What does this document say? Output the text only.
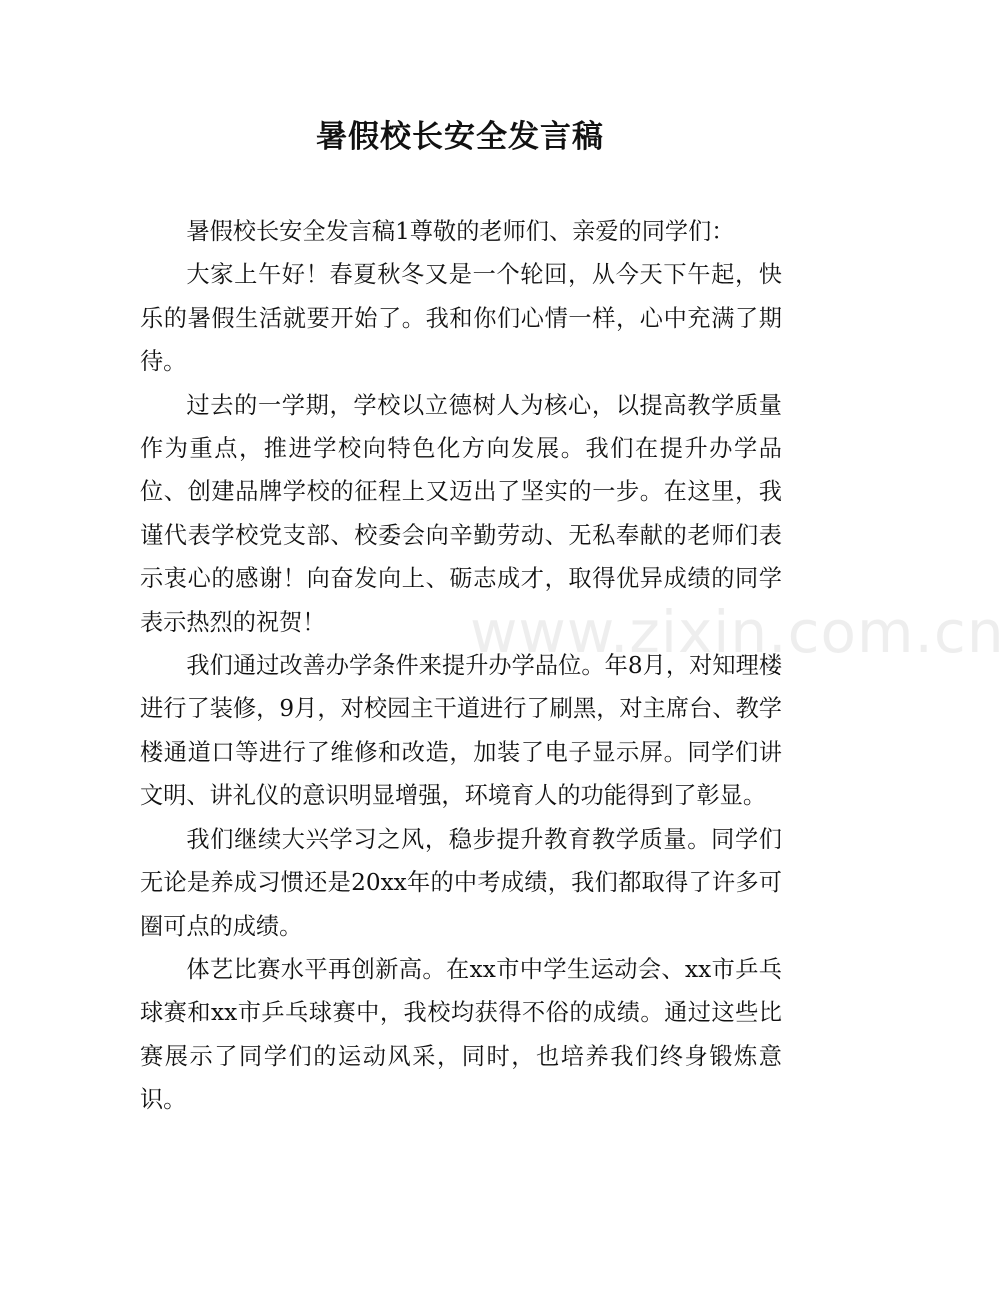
暑假校长安全发言稿

暑假校长安全发言稿1尊敬的老师们、亲爱的同学们：

大家上午好！春夏秋冬又是一个轮回，从今天下午起，快乐的暑假生活就要开始了。我和你们心情一样，心中充满了期待。

过去的一学期，学校以立德树人为核心，以提高教学质量作为重点，推进学校向特色化方向发展。我们在提升办学品位、创建品牌学校的征程上又迈出了坚实的一步。在这里，我谨代表学校党支部、校委会向辛勤劳动、无私奉献的老师们表示衷心的感谢！向奋发向上、砺志成才，取得优异成绩的同学表示热烈的祝贺！

我们通过改善办学条件来提升办学品位。年8月，对知理楼进行了装修，9月，对校园主干道进行了刷黑，对主席台、教学楼通道口等进行了维修和改造，加装了电子显示屏。同学们讲文明、讲礼仪的意识明显增强，环境育人的功能得到了彰显。

我们继续大兴学习之风，稳步提升教育教学质量。同学们无论是养成习惯还是20xx年的中考成绩，我们都取得了许多可圈可点的成绩。

体艺比赛水平再创新高。在xx市中学生运动会、xx市乒乓球赛和xx市乒乓球赛中，我校均获得不俗的成绩。通过这些比赛展示了同学们的运动风采，同时，也培养我们终身锻炼意识。

www.zixin.com.cn
